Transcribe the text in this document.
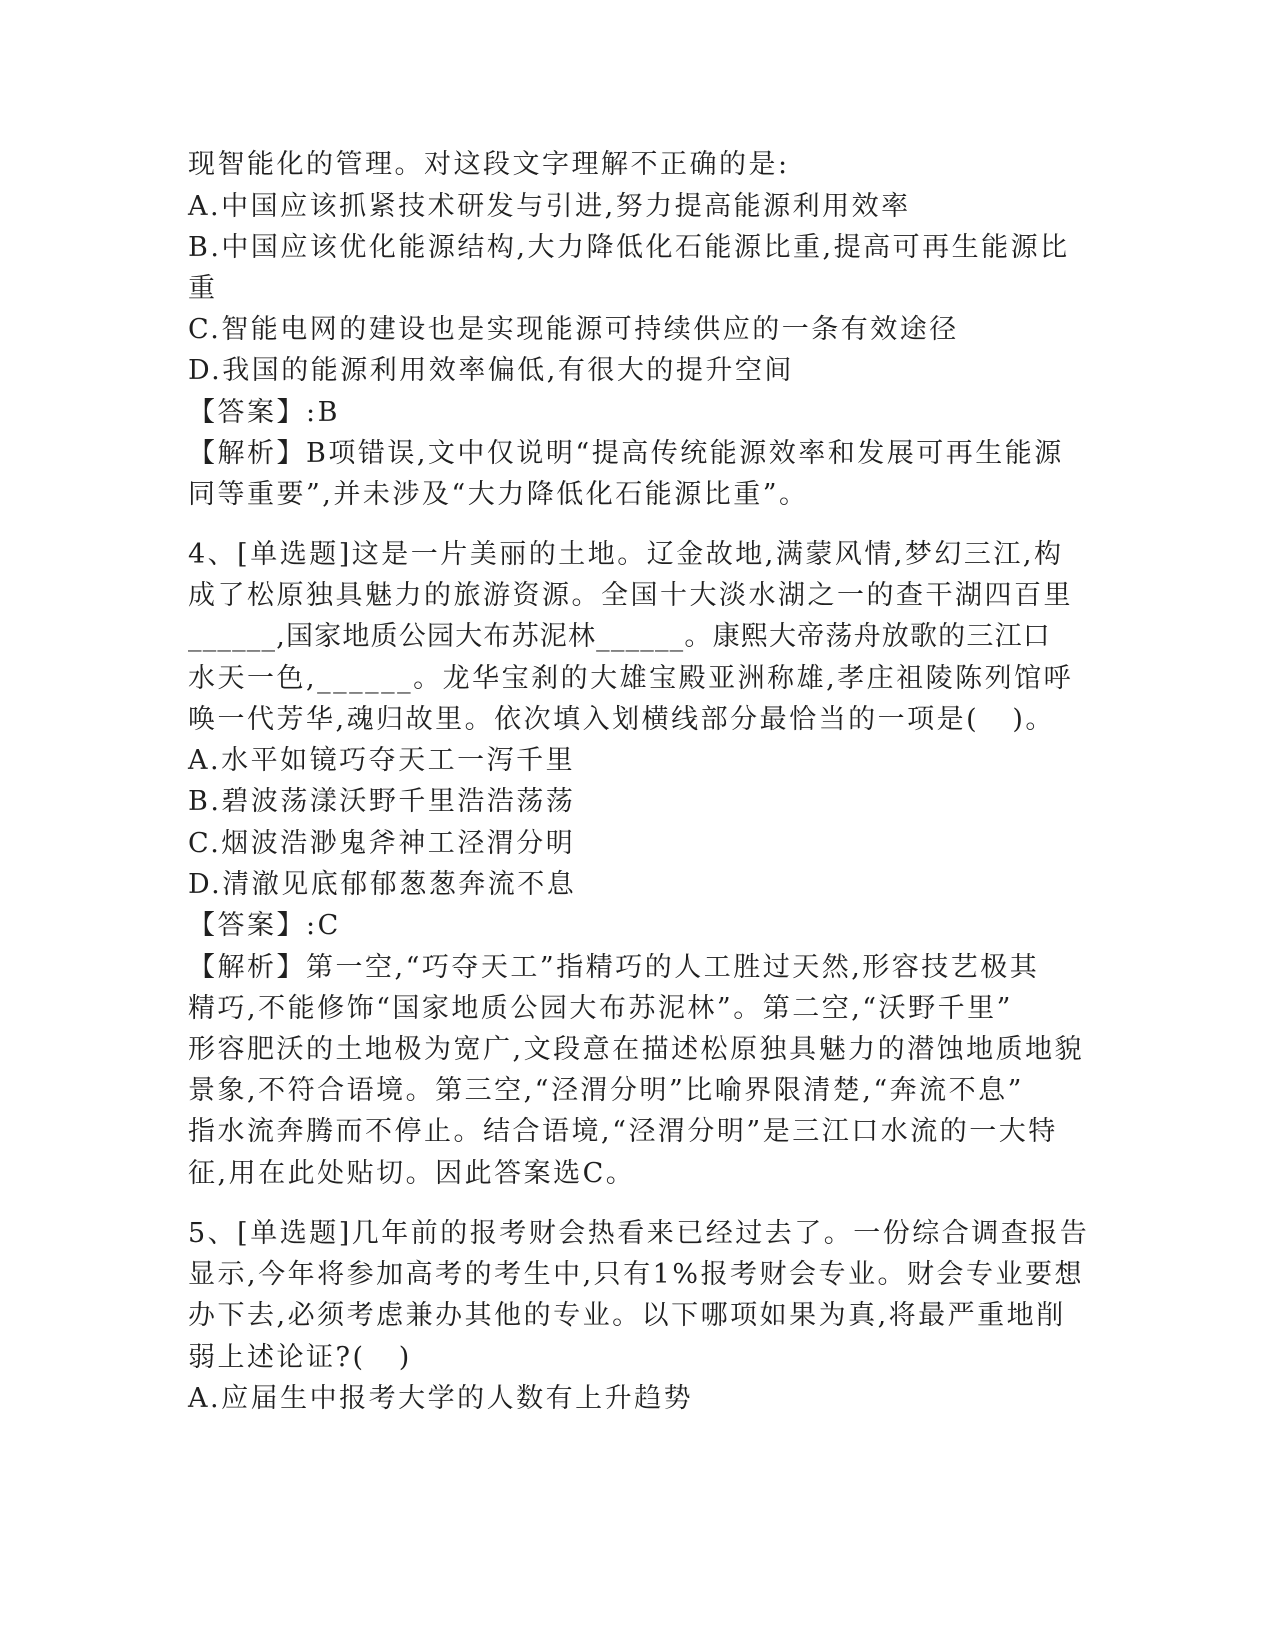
现智能化的管理。对这段文字理解不正确的是:
A.中国应该抓紧技术研发与引进,努力提高能源利用效率
B.中国应该优化能源结构,大力降低化石能源比重,提高可再生能源比
重
C.智能电网的建设也是实现能源可持续供应的一条有效途径
D.我国的能源利用效率偏低,有很大的提升空间
【答案】:B
【解析】B项错误,文中仅说明“提高传统能源效率和发展可再生能源
同等重要”,并未涉及“大力降低化石能源比重”。
4、[单选题]这是一片美丽的土地。辽金故地,满蒙风情,梦幻三江,构
成了松原独具魅力的旅游资源。全国十大淡水湖之一的查干湖四百里
______,国家地质公园大布苏泥林______。康熙大帝荡舟放歌的三江口
水天一色,______。龙华宝刹的大雄宝殿亚洲称雄,孝庄祖陵陈列馆呼
唤一代芳华,魂归故里。依次填入划横线部分最恰当的一项是(   )。
A.水平如镜巧夺天工一泻千里
B.碧波荡漾沃野千里浩浩荡荡
C.烟波浩渺鬼斧神工泾渭分明
D.清澈见底郁郁葱葱奔流不息
【答案】:C
【解析】第一空,“巧夺天工”指精巧的人工胜过天然,形容技艺极其
精巧,不能修饰“国家地质公园大布苏泥林”。第二空,“沃野千里”
形容肥沃的土地极为宽广,文段意在描述松原独具魅力的潜蚀地质地貌
景象,不符合语境。第三空,“泾渭分明”比喻界限清楚,“奔流不息”
指水流奔腾而不停止。结合语境,“泾渭分明”是三江口水流的一大特
征,用在此处贴切。因此答案选C。
5、[单选题]几年前的报考财会热看来已经过去了。一份综合调查报告
显示,今年将参加高考的考生中,只有1%报考财会专业。财会专业要想
办下去,必须考虑兼办其他的专业。以下哪项如果为真,将最严重地削
弱上述论证?(   )
A.应届生中报考大学的人数有上升趋势
